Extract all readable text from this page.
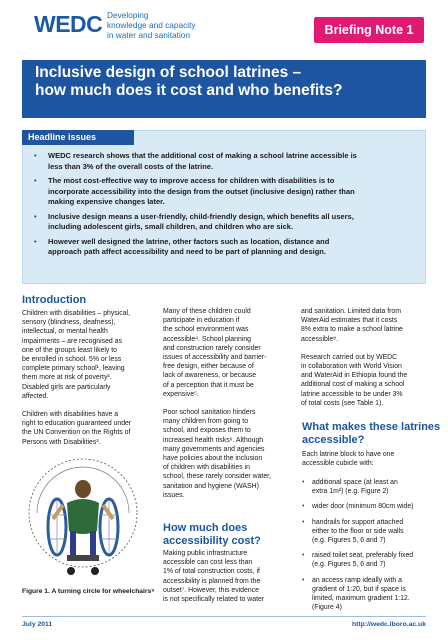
WEDC Developing
knowledge and capacity
in water and sanitation	Briefing Note 1
Inclusive design of school latrines –
how much does it cost and who benefits?
Headline issues
• WEDC research shows that the additional cost of making a school latrine accessible is
less than 3% of the overall costs of the latrine.
• The most cost-effective way to improve access for children with disabilities is to
incorporate accessibility into the design from the outset (inclusive design) rather than
making expensive changes later.
• Inclusive design means a user-friendly, child-friendly design, which benefits all users,
including adolescent girls, small children, and children who are sick.
• However well designed the latrine, other factors such as location, distance and
approach path affect accessibility and need to be part of planning and design.
Introduction

Children with disabilities – physical,
sensory (blindness, deafness),
intellectual, or mental health
impairments – are recognised as
one of the groups least likely to
be enrolled in school. 5% or less
complete primary school¹, leaving
them more at risk of poverty².
Disabled girls are particularly
affected.

Children with disabilities have a
right to education guaranteed under
the UN Convention on the Rights of
Persons with Disabilities³.

Figure 1. A turning circle for wheelchairs⁹

Many of these children could
participate in education if
the school environment was
accessible⁴. School planning
and construction rarely consider
issues of accessibility and barrier-
free design, either because of
lack of awareness, or because
of a perception that it must be
expensive⁵.

Poor school sanitation hinders
many children from going to
school, and exposes them to
increased health risks⁶. Although
many governments and agencies
have policies about the inclusion
of children with disabilities in
school, these rarely consider water,
sanitation and hygiene (WASH)
issues.

How much does
accessibility cost?

Making public infrastructure
accessible can cost less than
1% of total construction costs, if
accessibility is planned from the
outset⁷. However, this evidence
is not specifically related to water

and sanitation. Limited data from
WaterAid estimates that it costs
8% extra to make a school latrine
accessible⁸.

Research carried out by WEDC
in collaboration with World Vision
and WaterAid in Ethiopia found the
additional cost of making a school
latrine accessible to be under 3%
of total costs (see Table 1).

What makes these latrines
accessible?

Each latrine block to have one
accessible cubicle with:

• additional space (at least an
extra 1m²) (e.g. Figure 2)
• wider door (minimum 80cm wide)
• handrails for support attached
either to the floor or side walls
(e.g. Figures 5, 6 and 7)
• raised toilet seat, preferably fixed
(e.g. Figures 5, 6 and 7)
• an access ramp ideally with a
gradient of 1:20, but if space is
limited, maximum gradient 1:12.
(Figure 4)
July 2011	http://wedc.lboro.ac.uk
